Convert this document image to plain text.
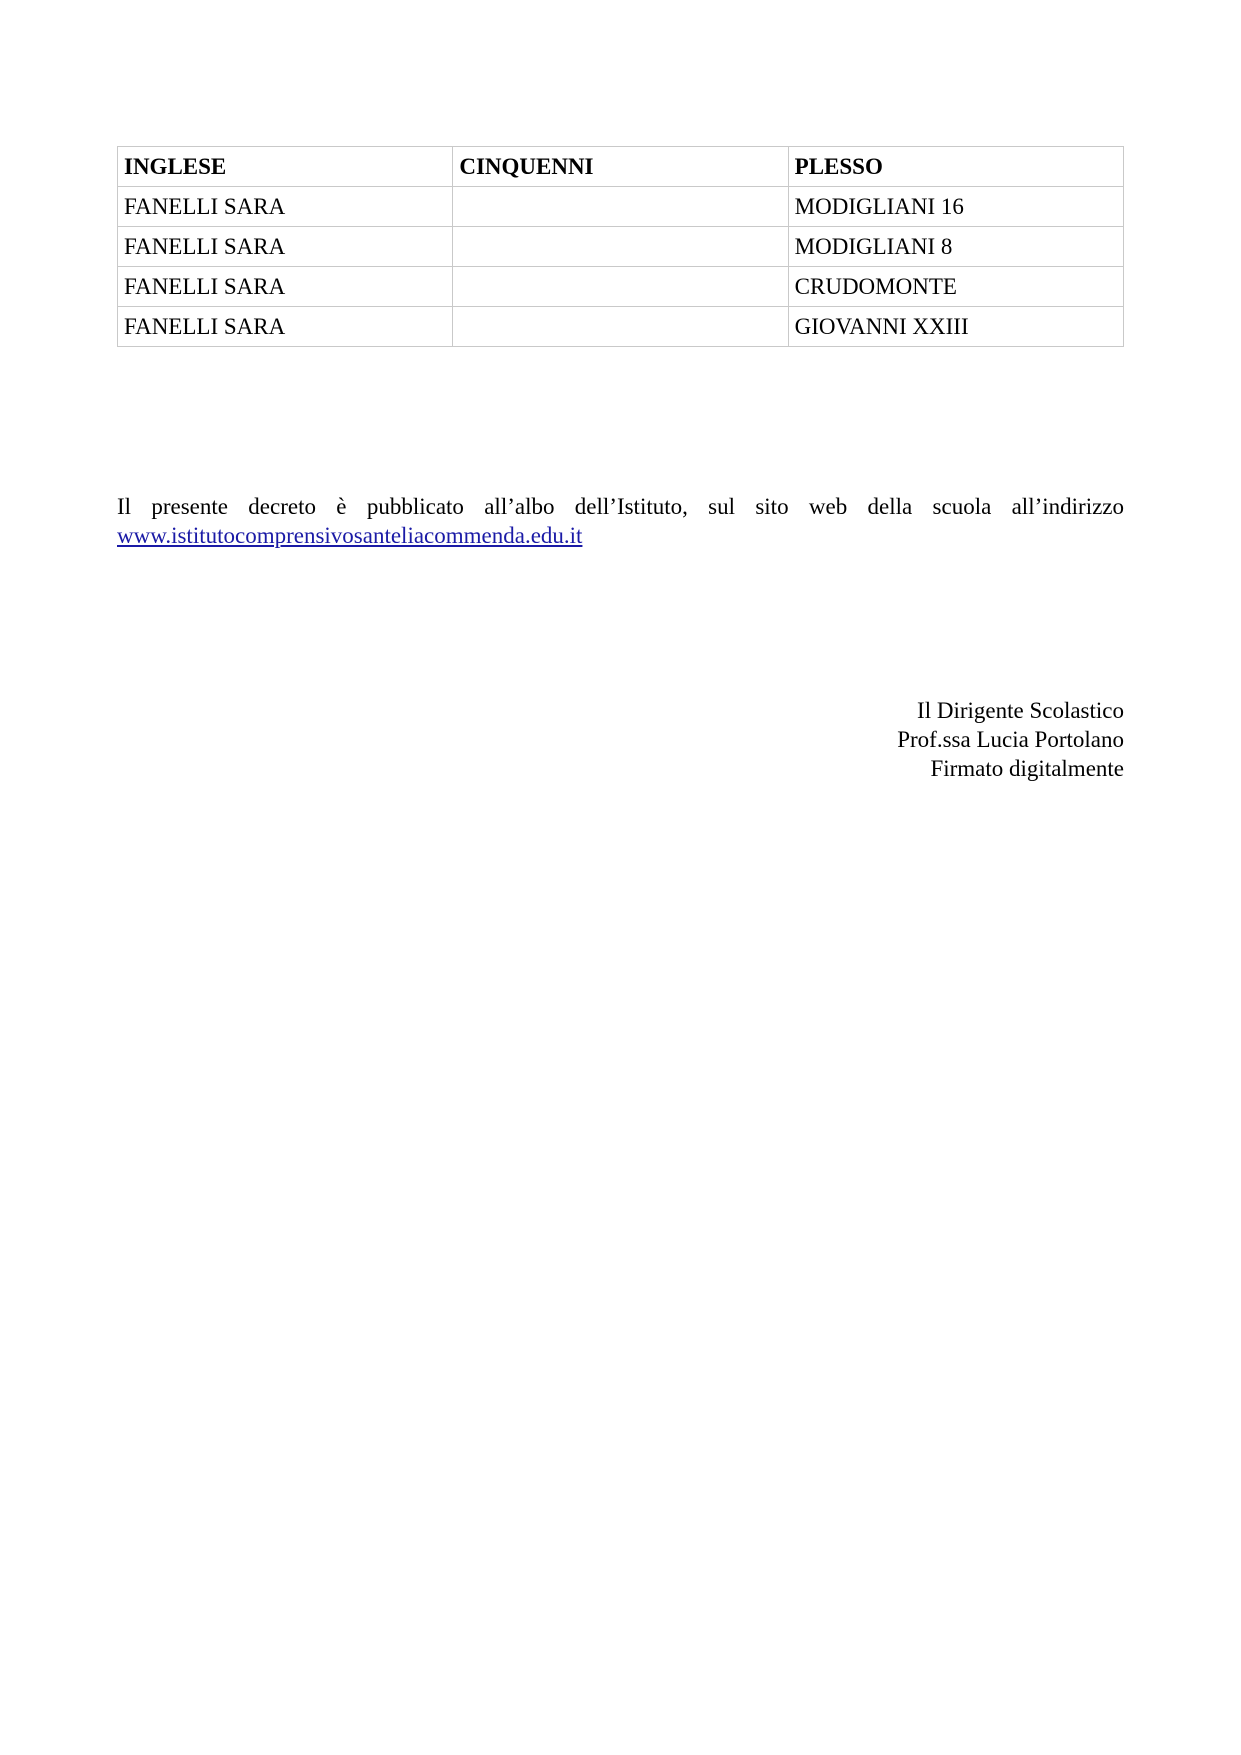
INGLESE	CINQUENNI	PLESSO
FANELLI SARA		MODIGLIANI 16
FANELLI SARA		MODIGLIANI 8
FANELLI SARA		CRUDOMONTE
FANELLI SARA		GIOVANNI XXIII

Il presente decreto è pubblicato all’albo dell’Istituto, sul sito web della scuola all’indirizzo

www.istitutocomprensivosanteliacommenda.edu.it
Il Dirigente Scolastico
Prof.ssa Lucia Portolano
Firmato digitalmente
